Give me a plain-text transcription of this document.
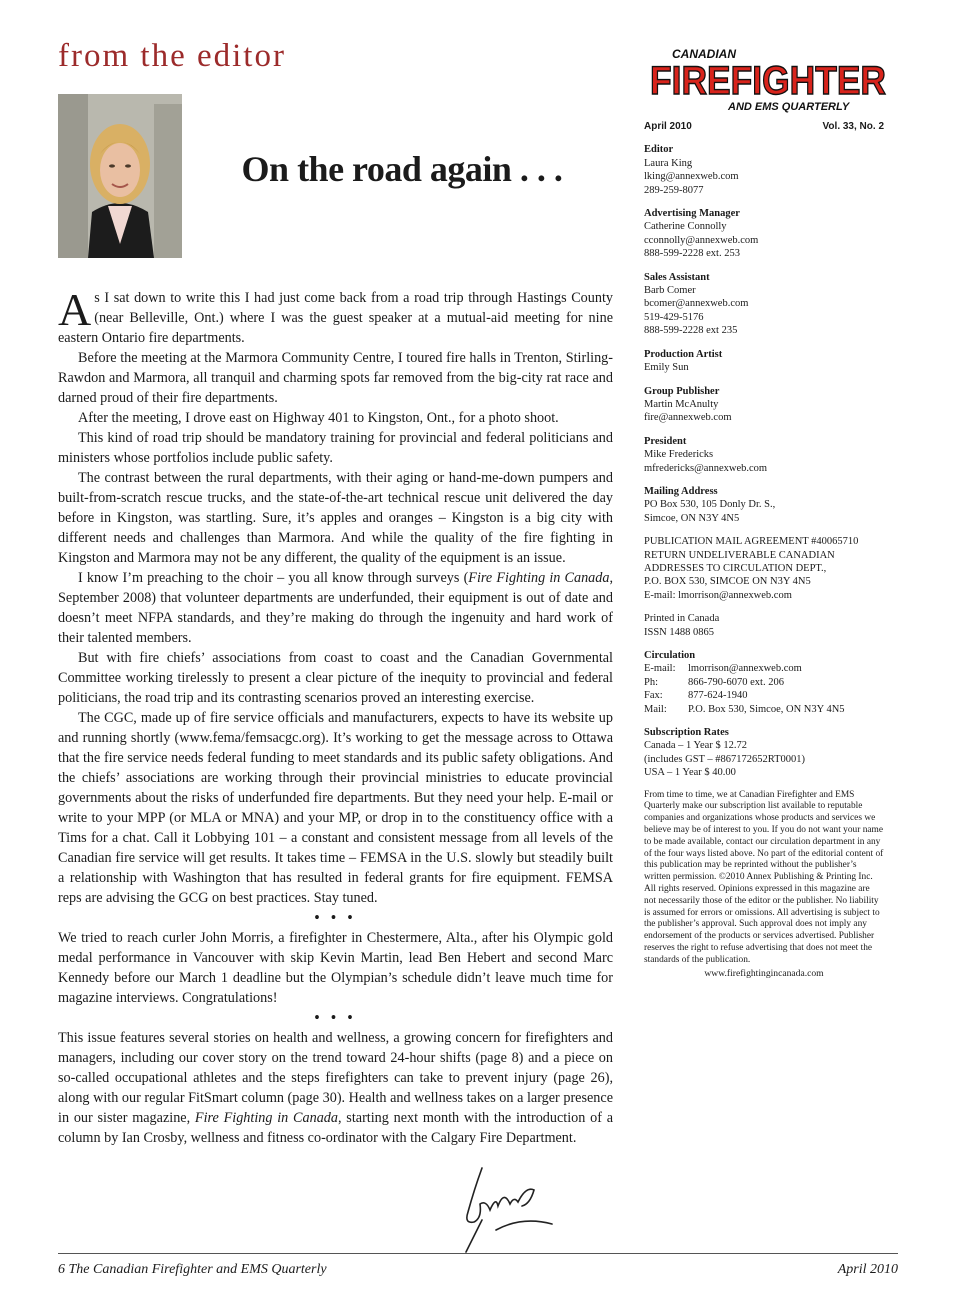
from the editor
On the road again . . .

As I sat down to write this I had just come back from a road trip through Hastings County (near Belleville, Ont.) where I was the guest speaker at a mutual-aid meeting for nine eastern Ontario fire departments.

Before the meeting at the Marmora Community Centre, I toured fire halls in Trenton, Stirling-Rawdon and Marmora, all tranquil and charming spots far removed from the big-city rat race and darned proud of their fire departments.

After the meeting, I drove east on Highway 401 to Kingston, Ont., for a photo shoot.

This kind of road trip should be mandatory training for provincial and federal politicians and ministers whose portfolios include public safety.

The contrast between the rural departments, with their aging or hand-me-down pumpers and built-from-scratch rescue trucks, and the state-of-the-art technical rescue unit delivered the day before in Kingston, was startling. Sure, it’s apples and oranges – Kingston is a big city with different needs and challenges than Marmora. And while the quality of the fire fighting in Kingston and Marmora may not be any different, the quality of the equipment is an issue.

I know I’m preaching to the choir – you all know through surveys (Fire Fighting in Canada, September 2008) that volunteer departments are underfunded, their equipment is out of date and doesn’t meet NFPA standards, and they’re making do through the ingenuity and hard work of their talented members.

But with fire chiefs’ associations from coast to coast and the Canadian Governmental Committee working tirelessly to present a clear picture of the inequity to provincial and federal politicians, the road trip and its contrasting scenarios proved an interesting exercise.

The CGC, made up of fire service officials and manufacturers, expects to have its website up and running shortly (www.fema/femsacgc.org). It’s working to get the message across to Ottawa that the fire service needs federal funding to meet standards and its public safety obligations. And the chiefs’ associations are working through their provincial ministries to educate provincial governments about the risks of underfunded fire departments. But they need your help. E-mail or write to your MPP (or MLA or MNA) and your MP, or drop in to the constituency office with a Tims for a chat. Call it Lobbying 101 – a constant and consistent message from all levels of the Canadian fire service will get results. It takes time – FEMSA in the U.S. slowly but steadily built a relationship with Washington that has resulted in federal grants for fire equipment. FEMSA reps are advising the GCG on best practices. Stay tuned.

• • •

We tried to reach curler John Morris, a firefighter in Chestermere, Alta., after his Olympic gold medal performance in Vancouver with skip Kevin Martin, lead Ben Hebert and second Marc Kennedy before our March 1 deadline but the Olympian’s schedule didn’t leave much time for magazine interviews. Congratulations!

• • •

This issue features several stories on health and wellness, a growing concern for firefighters and managers, including our cover story on the trend toward 24-hour shifts (page 8) and a piece on so-called occupational athletes and the steps firefighters can take to prevent injury (page 26), along with our regular FitSmart column (page 30). Health and wellness takes on a larger presence in our sister magazine, Fire Fighting in Canada, starting next month with the introduction of a column by Ian Crosby, wellness and fitness co-ordinator with the Calgary Fire Department.

CANADIAN
FIREFIGHTER
AND EMS QUARTERLY
April 2010	Vol. 33, No. 2
Editor
Laura King
lking@annexweb.com
289-259-8077
Advertising Manager
Catherine Connolly
cconnolly@annexweb.com
888-599-2228 ext. 253
Sales Assistant
Barb Comer
bcomer@annexweb.com
519-429-5176
888-599-2228 ext 235
Production Artist
Emily Sun
Group Publisher
Martin McAnulty
fire@annexweb.com
President
Mike Fredericks
mfredericks@annexweb.com
Mailing Address
PO Box 530, 105 Donly Dr. S.,
Simcoe, ON N3Y 4N5
PUBLICATION MAIL AGREEMENT #40065710
RETURN UNDELIVERABLE CANADIAN
ADDRESSES TO CIRCULATION DEPT.,
P.O. BOX 530, SIMCOE ON N3Y 4N5
E-mail: lmorrison@annexweb.com
Printed in Canada
ISSN 1488 0865
Circulation
E-mail:	lmorrison@annexweb.com
Ph:	866-790-6070 ext. 206
Fax:	877-624-1940
Mail:	P.O. Box 530, Simcoe, ON N3Y 4N5
Subscription Rates
Canada – 1 Year $ 12.72
(includes GST – #867172652RT0001)
USA – 1 Year $ 40.00
From time to time, we at Canadian Firefighter and EMS Quarterly make our subscription list available to reputable companies and organizations whose products and services we believe may be of interest to you. If you do not want your name to be made available, contact our circulation department in any of the four ways listed above. No part of the editorial content of this publication may be reprinted without the publisher’s written permission. ©2010 Annex Publishing & Printing Inc. All rights reserved. Opinions expressed in this magazine are not necessarily those of the editor or the publisher. No liability is assumed for errors or omissions. All advertising is subject to the publisher’s approval. Such approval does not imply any endorsement of the products or services advertised. Publisher reserves the right to refuse advertising that does not meet the standards of the publication.
www.firefightingincanada.com
6 The Canadian Firefighter and EMS Quarterly	April 2010
